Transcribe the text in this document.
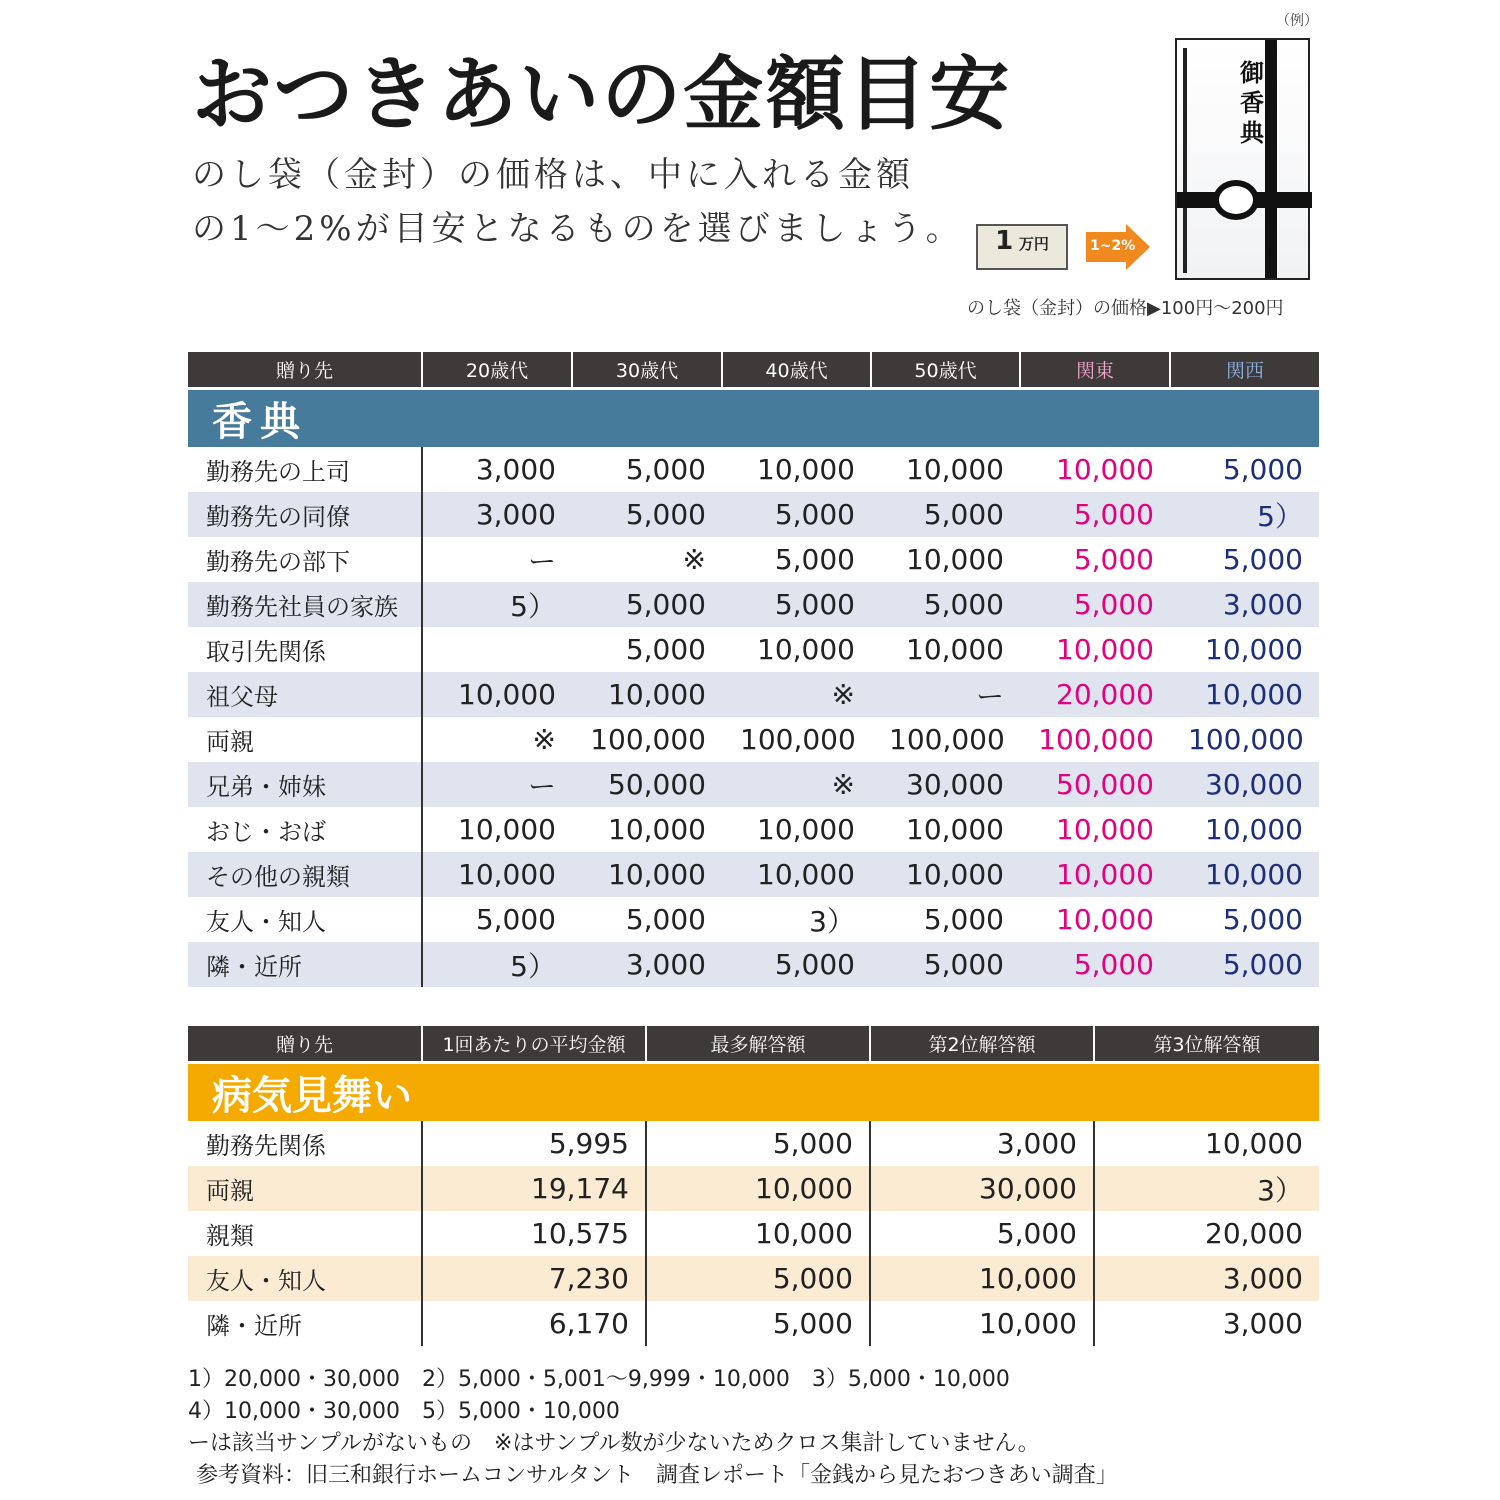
おつきあいの金額目安
のし袋（金封）の価格は、中に入れる金額
の1〜2%が目安となるものを選びましょう。
（例）
御香典
1 万円	1~2%
のし袋（金封）の価格▶100円〜200円
贈り先	20歳代	30歳代	40歳代	50歳代	関東	関西
香典						
勤務先の上司	3,000	5,000	10,000	10,000	10,000	5,000
勤務先の同僚	3,000	5,000	5,000	5,000	5,000	5）
勤務先の部下	ー	※	5,000	10,000	5,000	5,000
勤務先社員の家族	5）	5,000	5,000	5,000	5,000	3,000
取引先関係		5,000	10,000	10,000	10,000	10,000
祖父母	10,000	10,000	※	ー	20,000	10,000
両親	※	100,000	100,000	100,000	100,000	100,000
兄弟・姉妹	ー	50,000	※	30,000	50,000	30,000
おじ・おば	10,000	10,000	10,000	10,000	10,000	10,000
その他の親類	10,000	10,000	10,000	10,000	10,000	10,000
友人・知人	5,000	5,000	3）	5,000	10,000	5,000
隣・近所	5）	3,000	5,000	5,000	5,000	5,000
贈り先	1回あたりの平均金額	最多解答額	第2位解答額	第3位解答額
病気見舞い				
勤務先関係	5,995	5,000	3,000	10,000
両親	19,174	10,000	30,000	3）
親類	10,575	10,000	5,000	20,000
友人・知人	7,230	5,000	10,000	3,000
隣・近所	6,170	5,000	10,000	3,000
1）20,000・30,000　2）5,000・5,001〜9,999・10,000　3）5,000・10,000
4）10,000・30,000　5）5,000・10,000
ーは該当サンプルがないもの　※はサンプル数が少ないためクロス集計していません。
参考資料：旧三和銀行ホームコンサルタント　調査レポート「金銭から見たおつきあい調査」
